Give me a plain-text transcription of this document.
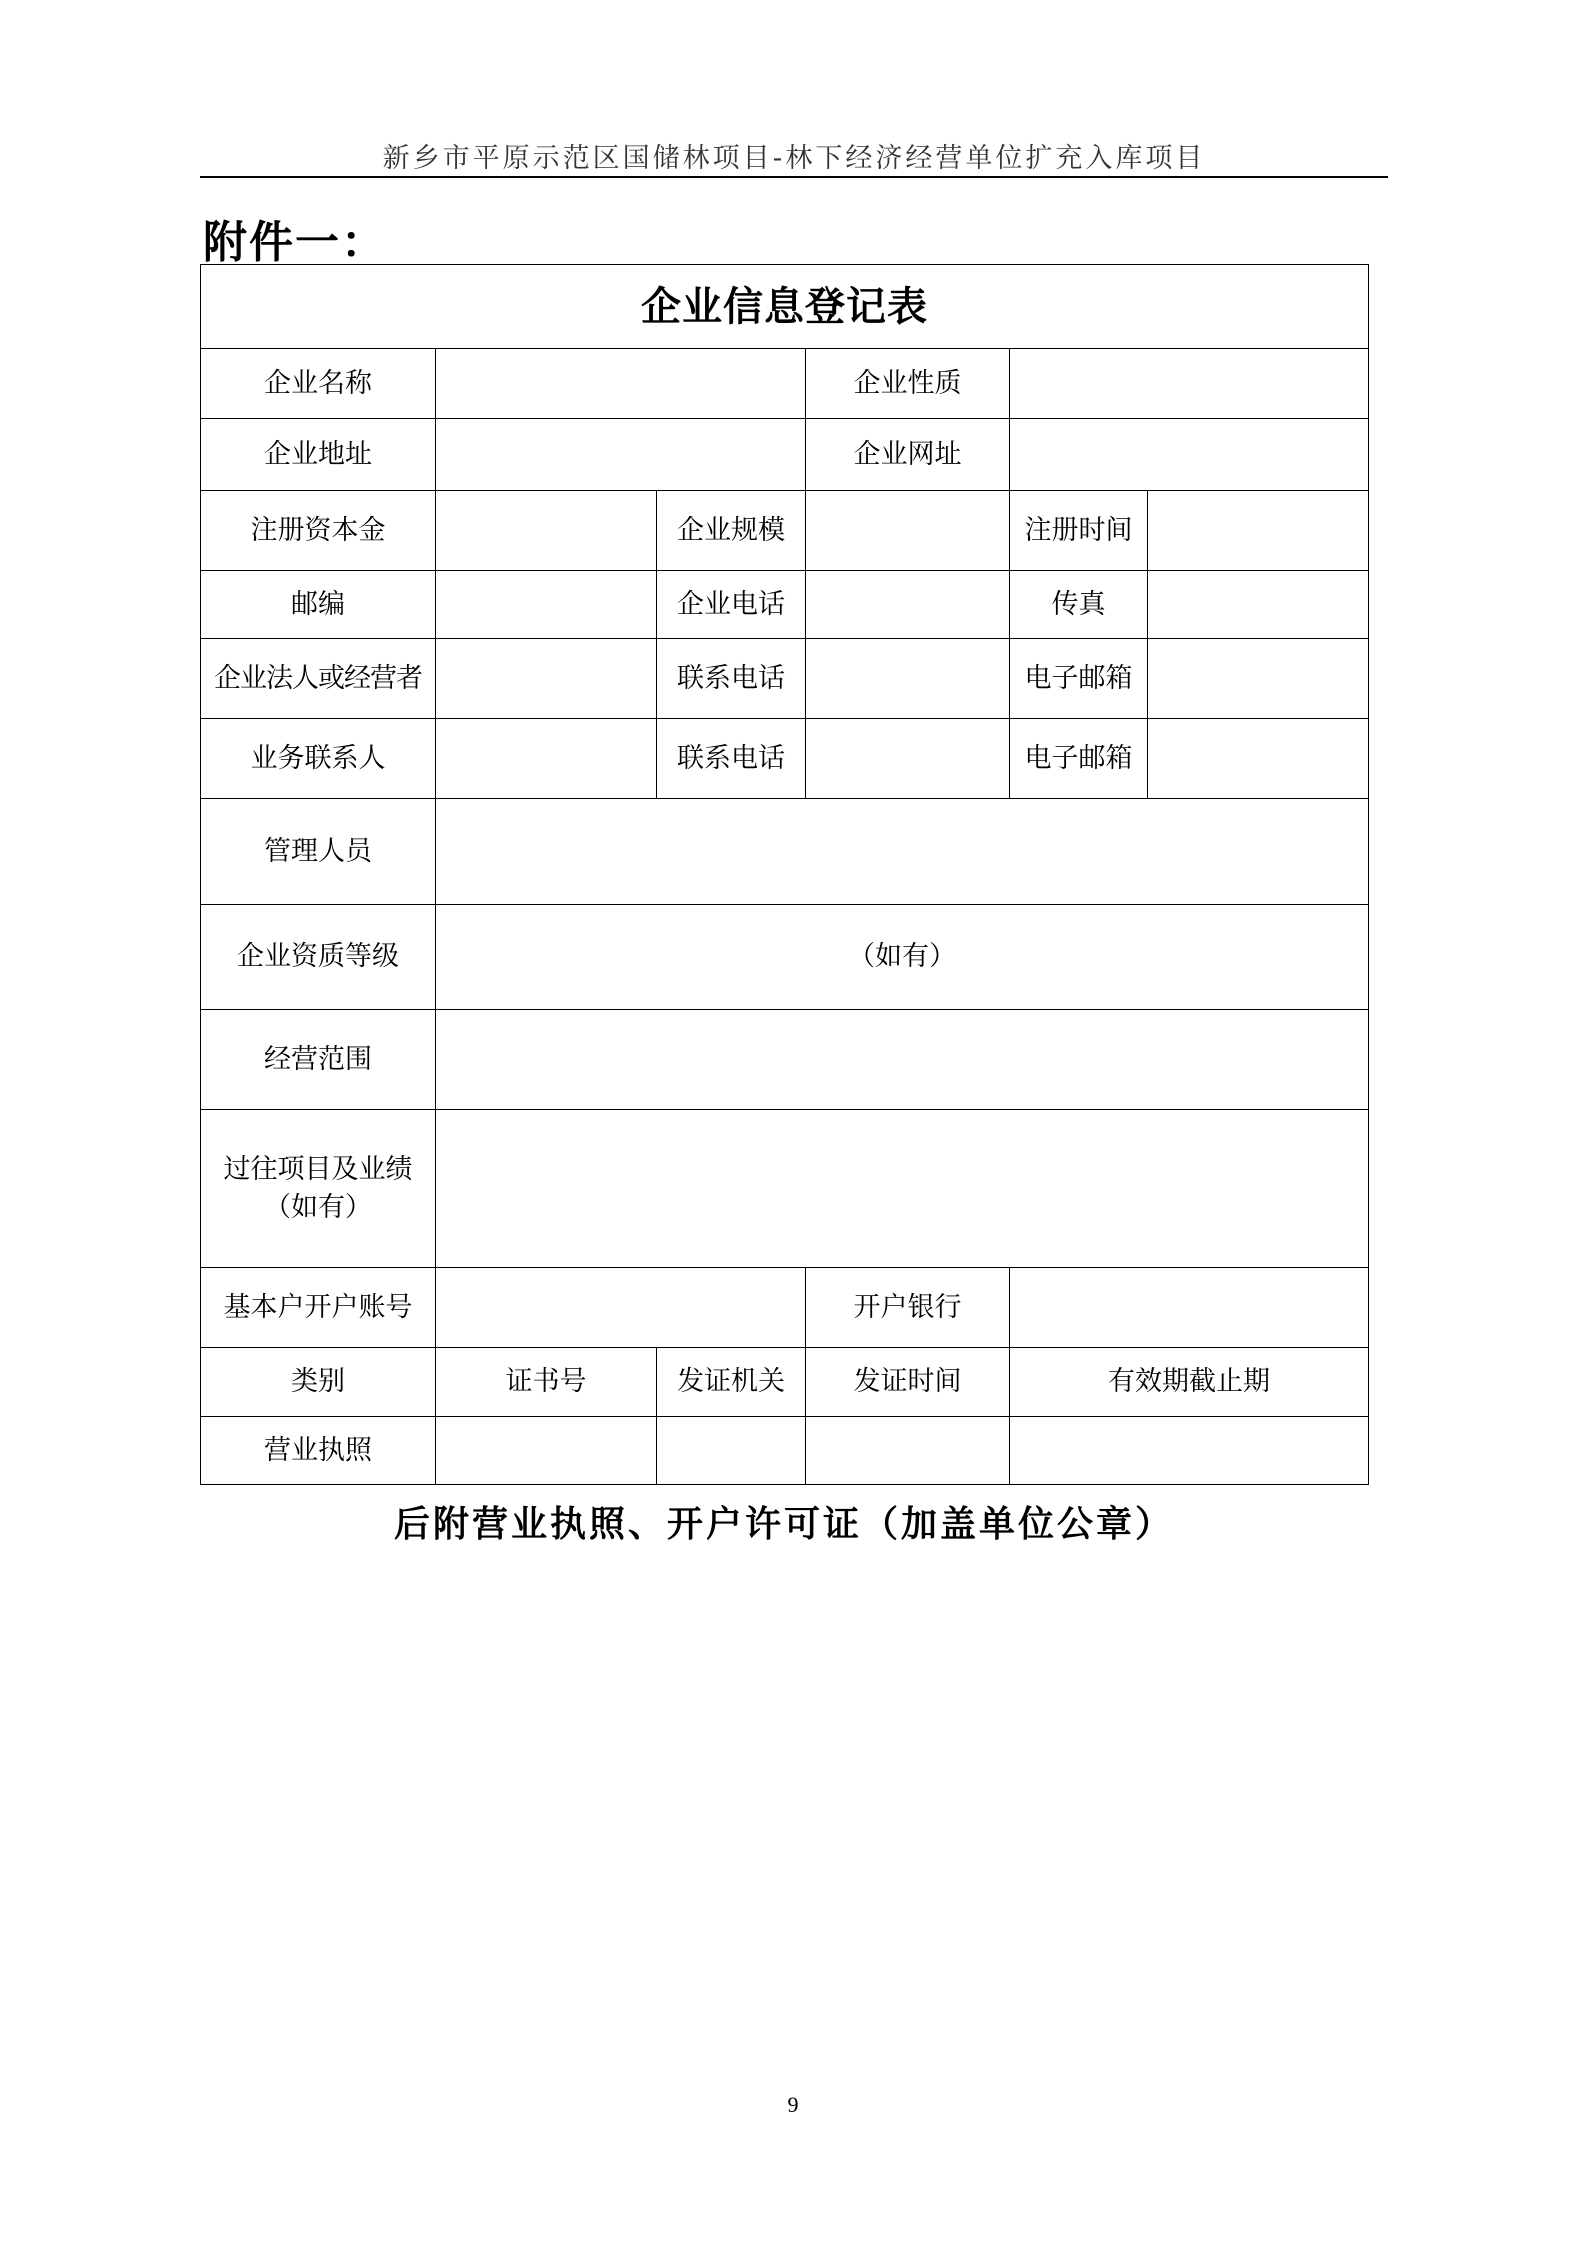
新乡市平原示范区国储林项目-林下经济经营单位扩充入库项目
附件一：
企业信息登记表					
企业名称			企业性质		
企业地址			企业网址		
注册资本金		企业规模		注册时间	
邮编		企业电话		传真	
企业法人或经营者		联系电话		电子邮箱	
业务联系人		联系电话		电子邮箱	
管理人员					
企业资质等级	（如有）				
经营范围					

过往项目及业绩
（如有）					

基本户开户账号			开户银行		
类别	证书号	发证机关	发证时间	有效期截止期	
营业执照					
后附营业执照、开户许可证（加盖单位公章）
9
